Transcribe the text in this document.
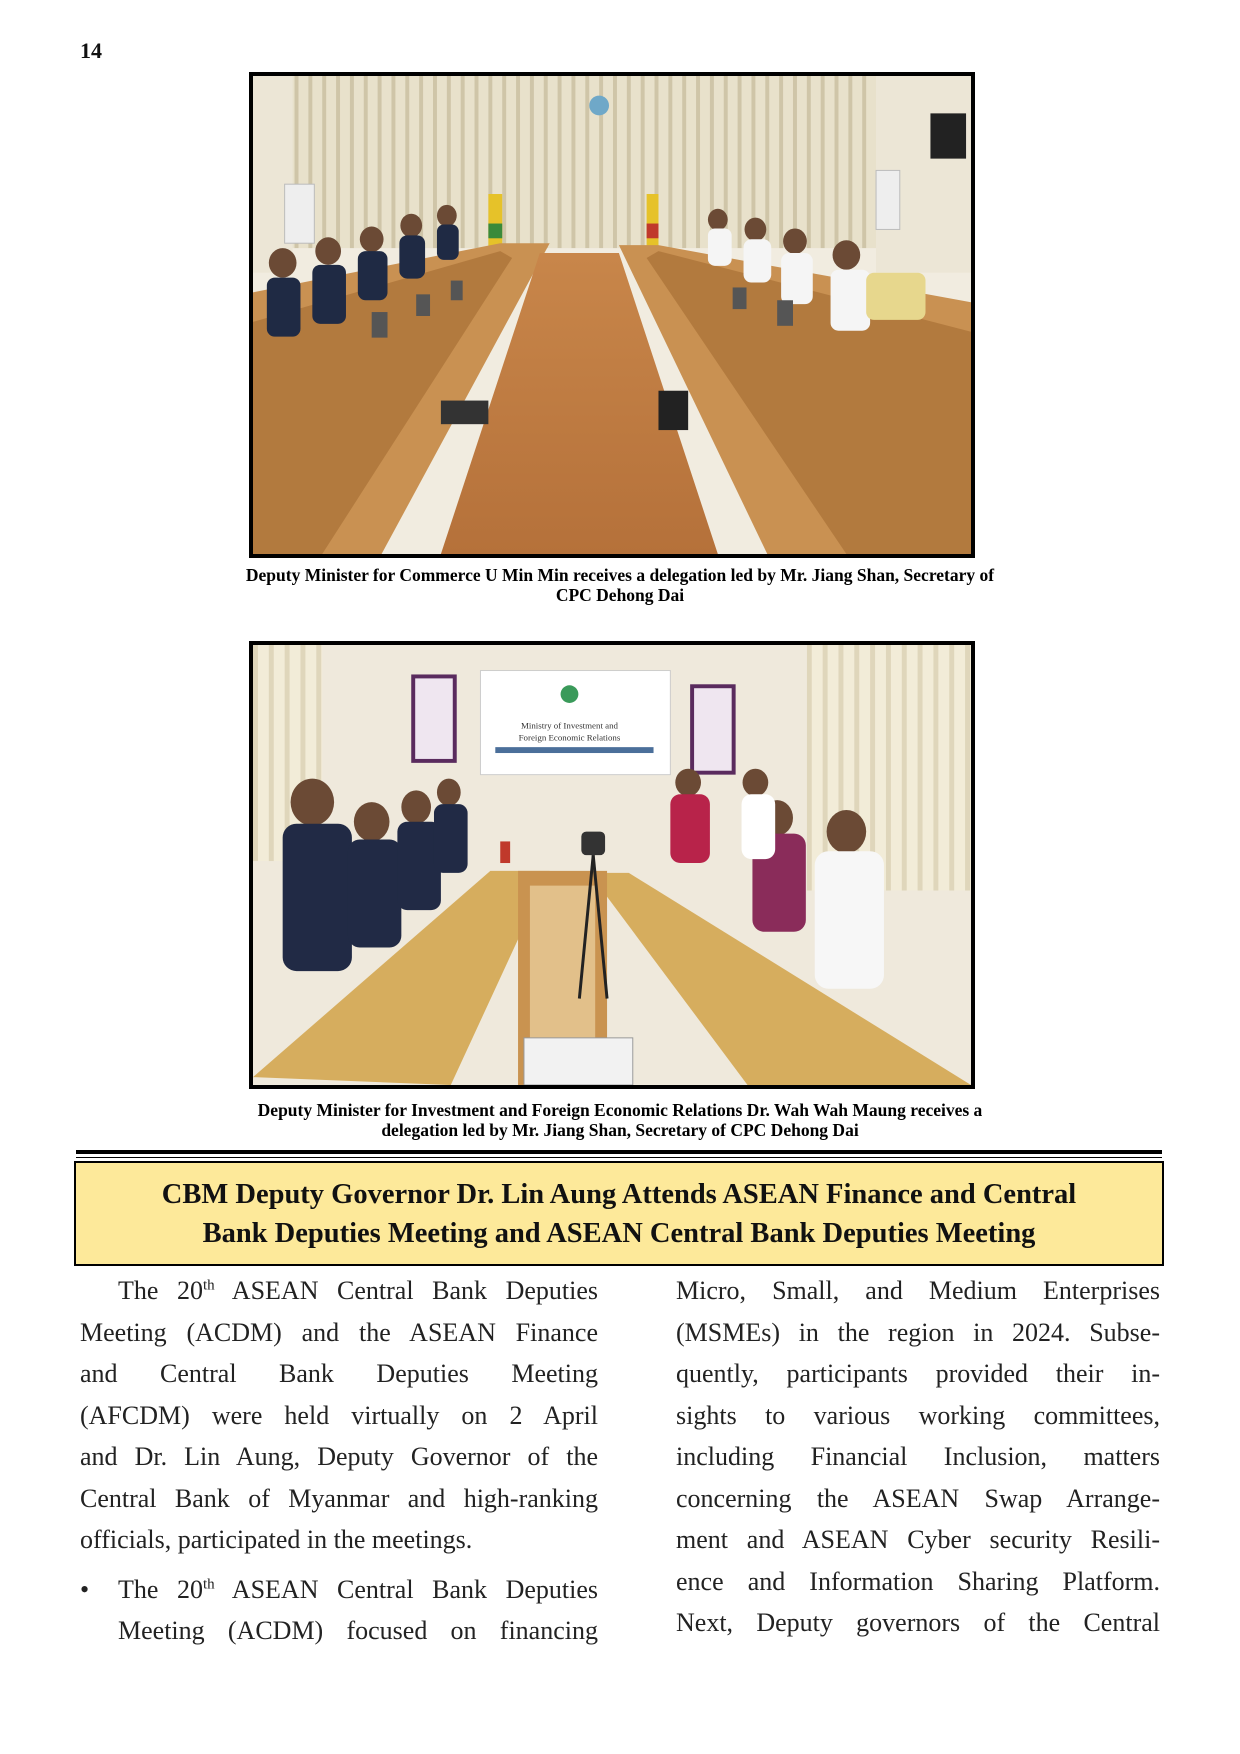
14
Deputy Minister for Commerce U Min Min receives a delegation led by Mr. Jiang Shan, Secretary of
CPC Dehong Dai
Ministry of Investment and
Foreign Economic Relations
Deputy Minister for Investment and Foreign Economic Relations Dr. Wah Wah Maung receives a
delegation led by Mr. Jiang Shan, Secretary of CPC Dehong Dai
CBM Deputy Governor Dr. Lin Aung Attends ASEAN Finance and Central
Bank Deputies Meeting and ASEAN Central Bank Deputies Meeting
The 20th ASEAN Central Bank Deputies
Meeting (ACDM) and the ASEAN Finance
and Central Bank Deputies Meeting
(AFCDM) were held virtually on 2 April
and Dr. Lin Aung, Deputy Governor of the
Central Bank of Myanmar and high-ranking
officials, participated in the meetings.
•	The 20th ASEAN Central Bank Deputies
Meeting (ACDM) focused on financing
Micro, Small, and Medium Enterprises
(MSMEs) in the region in 2024. Subse-
quently, participants provided their in-
sights to various working committees,
including Financial Inclusion, matters
concerning the ASEAN Swap Arrange-
ment and ASEAN Cyber security Resili-
ence and Information Sharing Platform.
Next, Deputy governors of the Central
